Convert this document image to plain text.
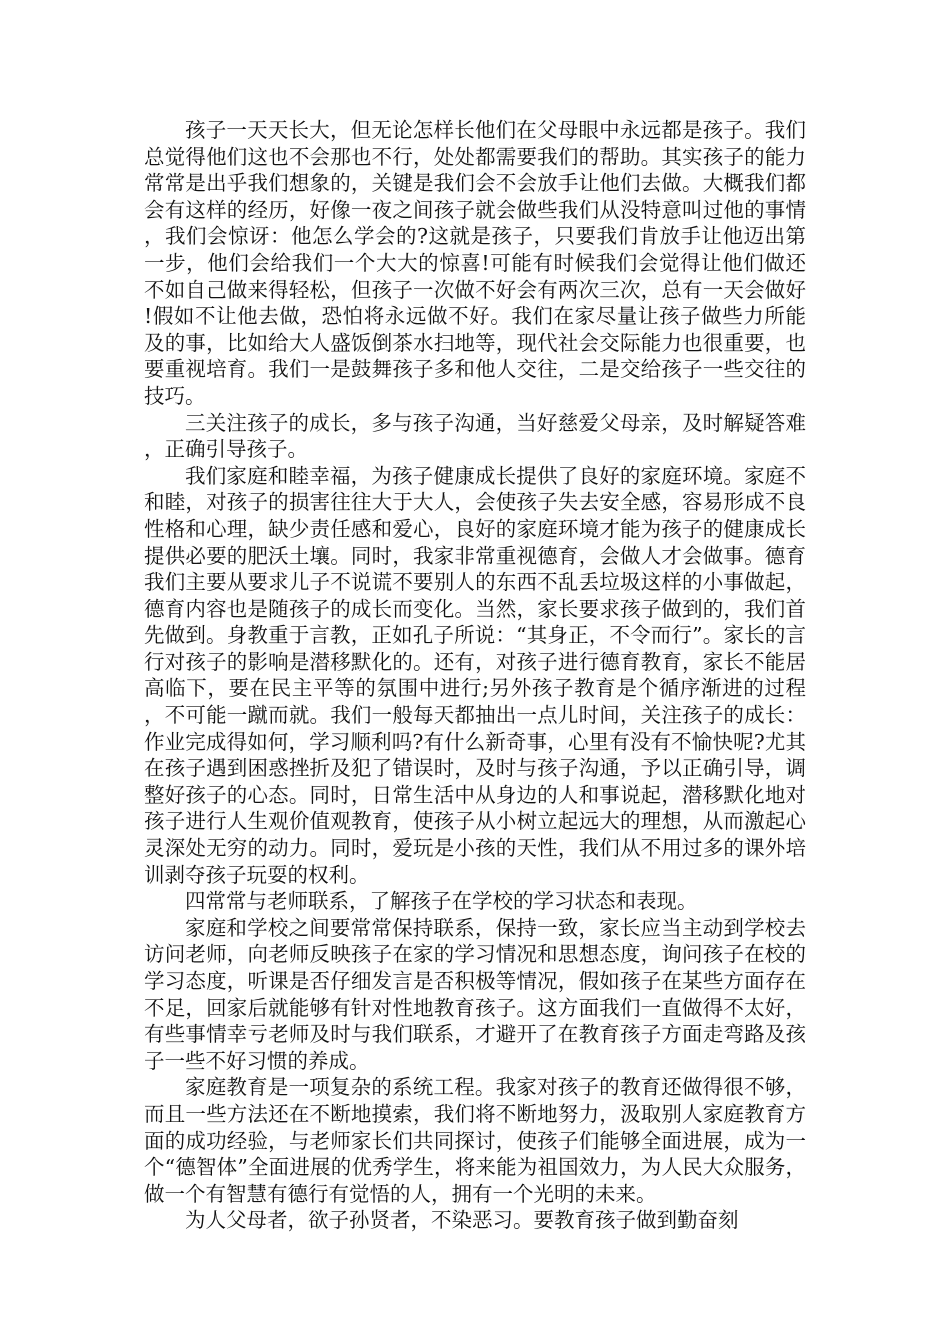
孩子一天天长大，但无论怎样长他们在父母眼中永远都是孩子。我们总觉得他们这也不会那也不行，处处都需要我们的帮助。其实孩子的能力常常是出乎我们想象的，关键是我们会不会放手让他们去做。大概我们都会有这样的经历，好像一夜之间孩子就会做些我们从没特意叫过他的事情，我们会惊讶：他怎么学会的?这就是孩子，只要我们肯放手让他迈出第一步，他们会给我们一个大大的惊喜!可能有时候我们会觉得让他们做还不如自己做来得轻松，但孩子一次做不好会有两次三次，总有一天会做好!假如不让他去做，恐怕将永远做不好。我们在家尽量让孩子做些力所能及的事，比如给大人盛饭倒茶水扫地等，现代社会交际能力也很重要，也要重视培育。我们一是鼓舞孩子多和他人交往，二是交给孩子一些交往的技巧。

三关注孩子的成长，多与孩子沟通，当好慈爱父母亲，及时解疑答难，正确引导孩子。

我们家庭和睦幸福，为孩子健康成长提供了良好的家庭环境。家庭不和睦，对孩子的损害往往大于大人，会使孩子失去安全感，容易形成不良性格和心理，缺少责任感和爱心，良好的家庭环境才能为孩子的健康成长提供必要的肥沃土壤。同时，我家非常重视德育，会做人才会做事。德育我们主要从要求儿子不说谎不要别人的东西不乱丢垃圾这样的小事做起，德育内容也是随孩子的成长而变化。当然，家长要求孩子做到的，我们首先做到。身教重于言教，正如孔子所说：“其身正，不令而行”。家长的言行对孩子的影响是潜移默化的。还有，对孩子进行德育教育，家长不能居高临下，要在民主平等的氛围中进行;另外孩子教育是个循序渐进的过程，不可能一蹴而就。我们一般每天都抽出一点儿时间，关注孩子的成长：作业完成得如何，学习顺利吗?有什么新奇事，心里有没有不愉快呢?尤其在孩子遇到困惑挫折及犯了错误时，及时与孩子沟通，予以正确引导，调整好孩子的心态。同时，日常生活中从身边的人和事说起，潜移默化地对孩子进行人生观价值观教育，使孩子从小树立起远大的理想，从而激起心灵深处无穷的动力。同时，爱玩是小孩的天性，我们从不用过多的课外培训剥夺孩子玩耍的权利。

四常常与老师联系，了解孩子在学校的学习状态和表现。

家庭和学校之间要常常保持联系，保持一致，家长应当主动到学校去访问老师，向老师反映孩子在家的学习情况和思想态度，询问孩子在校的学习态度，听课是否仔细发言是否积极等情况，假如孩子在某些方面存在不足，回家后就能够有针对性地教育孩子。这方面我们一直做得不太好，有些事情幸亏老师及时与我们联系，才避开了在教育孩子方面走弯路及孩子一些不好习惯的养成。

家庭教育是一项复杂的系统工程。我家对孩子的教育还做得很不够，而且一些方法还在不断地摸索，我们将不断地努力，汲取别人家庭教育方面的成功经验，与老师家长们共同探讨，使孩子们能够全面进展，成为一个“德智体”全面进展的优秀学生，将来能为祖国效力，为人民大众服务，做一个有智慧有德行有觉悟的人，拥有一个光明的未来。

为人父母者，欲子孙贤者，不染恶习。要教育孩子做到勤奋刻
